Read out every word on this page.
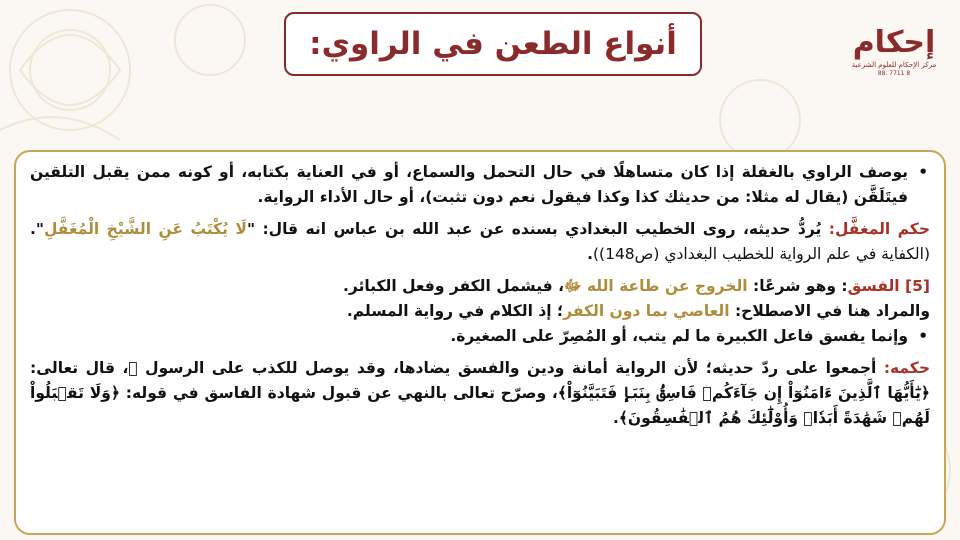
أنواع الطعن في الراوي:	إحكام
مركز الإحكام للعلوم الشرعية
88. 7711 8

• يوصف الراوي بالغفلة إذا كان متساهلًا في حال التحمل والسماع، أو في العناية بكتابه، أو كونه ممن يقبل التلقين فيتَلَقَّن (يقال له مثلا: من حديثك كذا وكذا فيقول نعم دون تثبت)، أو حال الأداء الرواية.

حكم المغفَّل: يُردُّ حديثه، روى الخطيب البغدادي بسنده عن عبد الله بن عباس انه قال: "لَا يُكْتَبُ عَنِ الشَّيْخِ الْمُغَفَّلِ". (الكفاية في علم الرواية للخطيب البغدادي (ص148)).

[5] الفسق: وهو شرعًا: الخروج عن طاعة الله ﷻ، فيشمل الكفر وفعل الكبائر.

والمراد هنا في الاصطلاح: العاصي بما دون الكفر؛ إذ الكلام في رواية المسلم.

• وإنما يفسق فاعل الكبيرة ما لم يتب، أو المُصِرّ على الصغيرة.

حكمه: أجمعوا على ردّ حديثه؛ لأن الرواية أمانة ودين والفسق يضادها، وقد يوصل للكذب على الرسول ﷺ، قال تعالى: ﴿يَٰٓأَيُّهَا ٱلَّذِينَ ءَامَنُوٓاْ إِن جَآءَكُمۡ فَاسِقُۢ بِنَبَإٖ فَتَبَيَّنُوٓاْ﴾، وصرّح تعالى بالنهي عن قبول شهادة الفاسق في قوله: ﴿وَلَا تَقۡبَلُواْ لَهُمۡ شَهَٰدَةً أَبَدٗاۚ وَأُوْلَٰٓئِكَ هُمُ ٱلۡفَٰسِقُونَ﴾.
